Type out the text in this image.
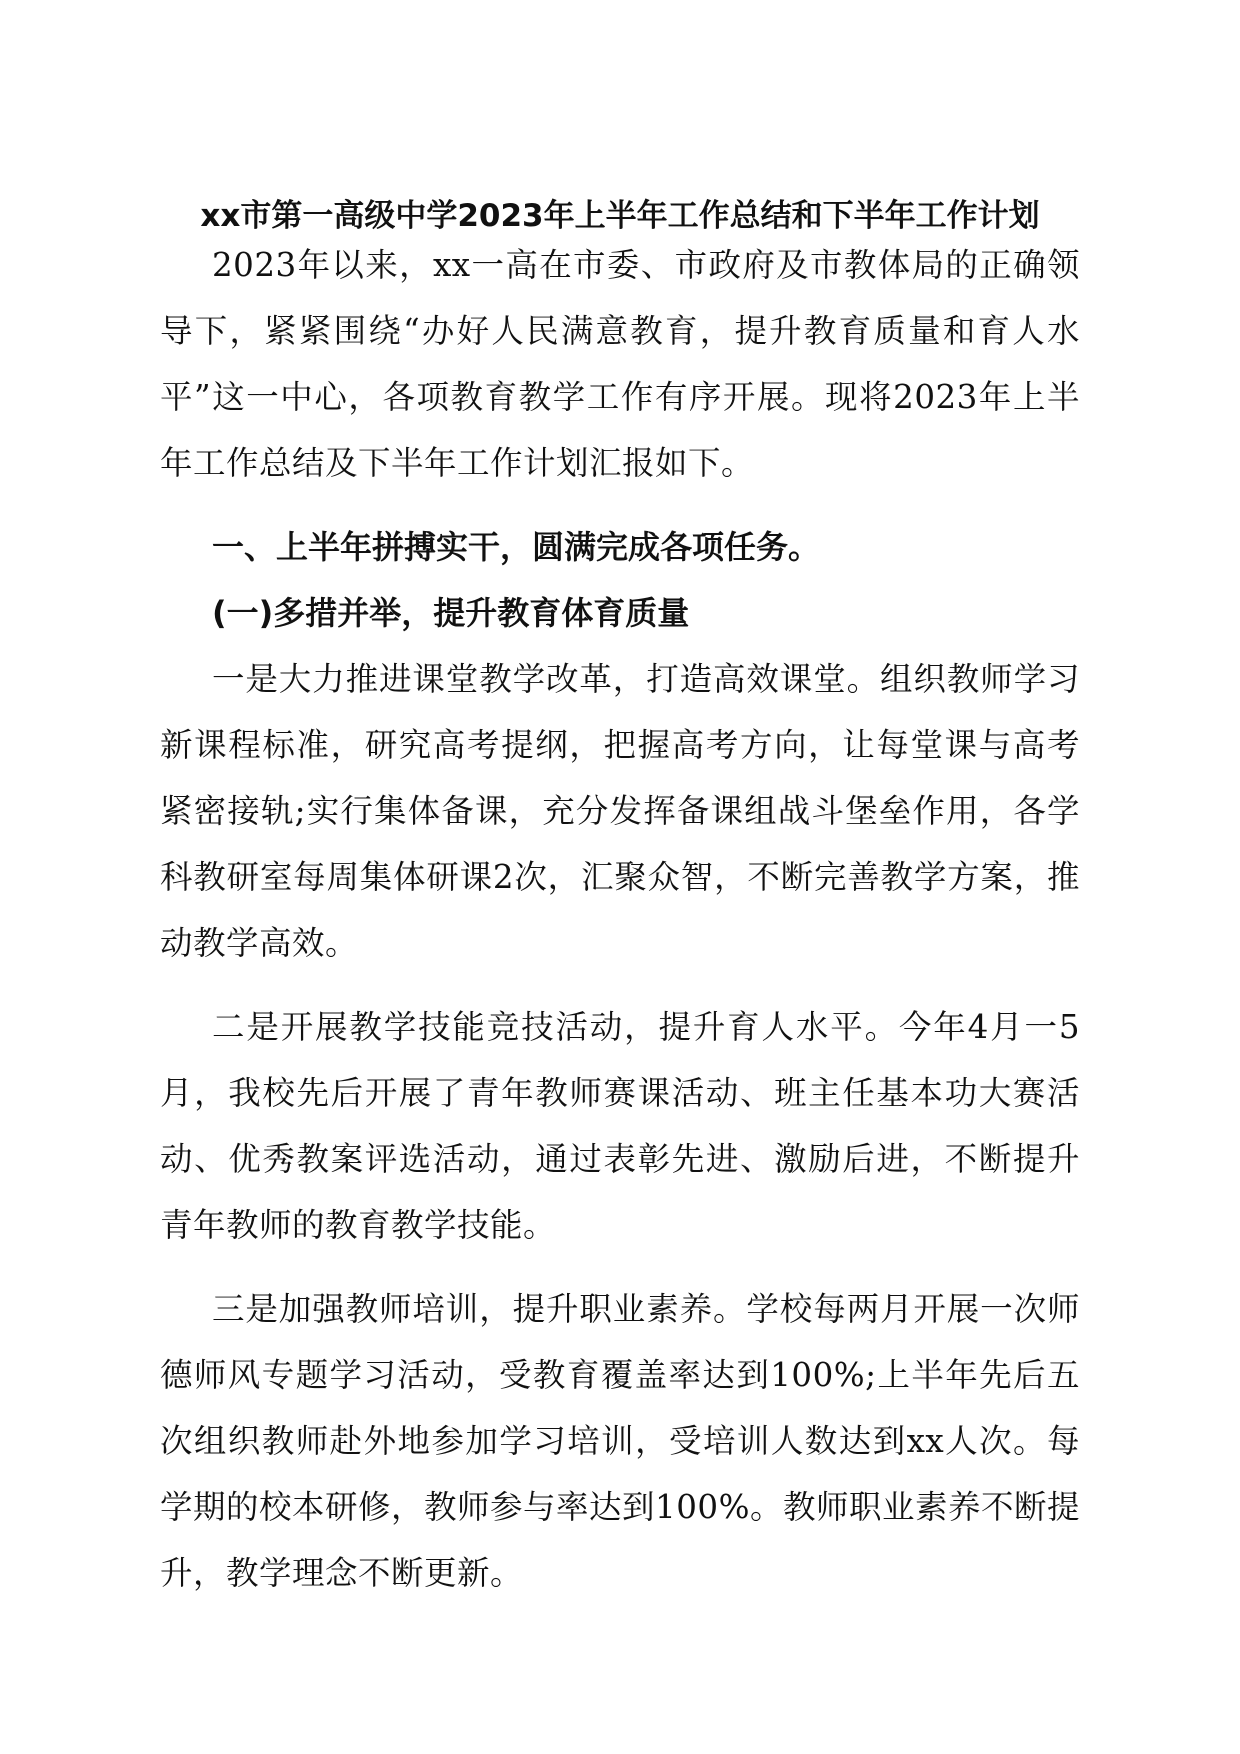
xx市第一高级中学2023年上半年工作总结和下半年工作计划

2023年以来，xx一高在市委、市政府及市教体局的正确领导下，紧紧围绕“办好人民满意教育，提升教育质量和育人水平”这一中心，各项教育教学工作有序开展。现将2023年上半年工作总结及下半年工作计划汇报如下。

一、上半年拼搏实干，圆满完成各项任务。

(一)多措并举，提升教育体育质量

一是大力推进课堂教学改革，打造高效课堂。组织教师学习新课程标准，研究高考提纲，把握高考方向，让每堂课与高考紧密接轨;实行集体备课，充分发挥备课组战斗堡垒作用，各学科教研室每周集体研课2次，汇聚众智，不断完善教学方案，推动教学高效。

二是开展教学技能竞技活动，提升育人水平。今年4月一5月，我校先后开展了青年教师赛课活动、班主任基本功大赛活动、优秀教案评选活动，通过表彰先进、激励后进，不断提升青年教师的教育教学技能。

三是加强教师培训，提升职业素养。学校每两月开展一次师德师风专题学习活动，受教育覆盖率达到100%;上半年先后五次组织教师赴外地参加学习培训，受培训人数达到xx人次。每学期的校本研修，教师参与率达到100%。教师职业素养不断提升，教学理念不断更新。
